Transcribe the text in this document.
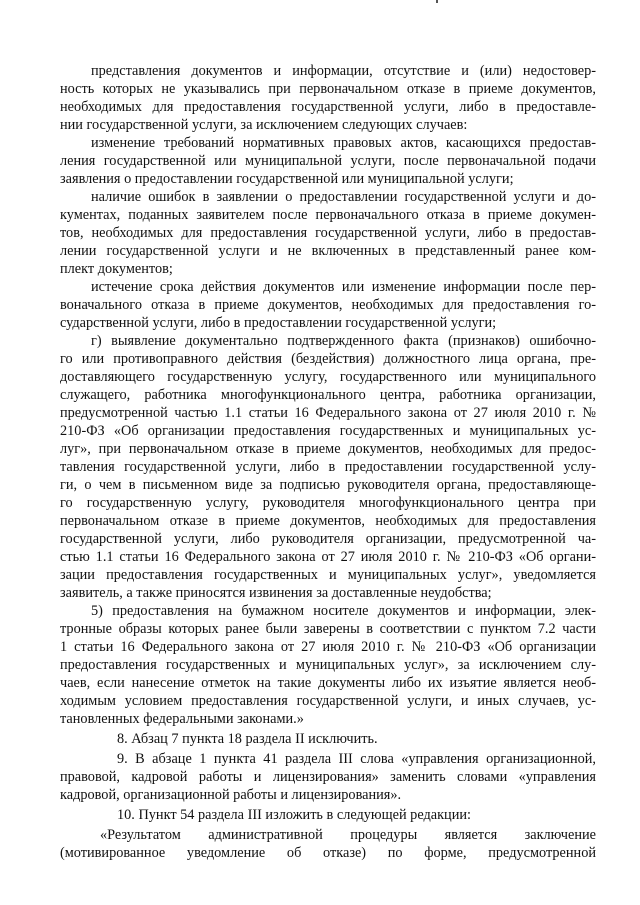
представления документов и информации, отсутствие и (или) недостовер-
ность которых не указывались при первоначальном отказе в приеме документов,
необходимых для предоставления государственной услуги, либо в предоставле-
нии государственной услуги, за исключением следующих случаев:
изменение требований нормативных правовых актов, касающихся предостав-
ления государственной или муниципальной услуги, после первоначальной подачи
заявления о предоставлении государственной или муниципальной услуги;
наличие ошибок в заявлении о предоставлении государственной услуги и до-
кументах, поданных заявителем после первоначального отказа в приеме докумен-
тов, необходимых для предоставления государственной услуги, либо в предостав-
лении государственной услуги и не включенных в представленный ранее ком-
плект документов;
истечение срока действия документов или изменение информации после пер-
воначального отказа в приеме документов, необходимых для предоставления го-
сударственной услуги, либо в предоставлении государственной услуги;
г) выявление документально подтвержденного факта (признаков) ошибочно-
го или противоправного действия (бездействия) должностного лица органа, пре-
доставляющего государственную услугу, государственного или муниципального
служащего, работника многофункционального центра, работника организации,
предусмотренной частью 1.1 статьи 16 Федерального закона от 27 июля 2010 г. №
210-ФЗ «Об организации предоставления государственных и муниципальных ус-
луг», при первоначальном отказе в приеме документов, необходимых для предос-
тавления государственной услуги, либо в предоставлении государственной услу-
ги, о чем в письменном виде за подписью руководителя органа, предоставляюще-
го государственную услугу, руководителя многофункционального центра при
первоначальном отказе в приеме документов, необходимых для предоставления
государственной услуги, либо руководителя организации, предусмотренной ча-
стью 1.1 статьи 16 Федерального закона от 27 июля 2010 г. № 210-ФЗ «Об органи-
зации предоставления государственных и муниципальных услуг», уведомляется
заявитель, а также приносятся извинения за доставленные неудобства;
5) предоставления на бумажном носителе документов и информации, элек-
тронные образы которых ранее были заверены в соответствии с пунктом 7.2 части
1 статьи 16 Федерального закона от 27 июля 2010 г. № 210-ФЗ «Об организации
предоставления государственных и муниципальных услуг», за исключением слу-
чаев, если нанесение отметок на такие документы либо их изъятие является необ-
ходимым условием предоставления государственной услуги, и иных случаев, ус-
тановленных федеральными законами.»
8. Абзац 7 пункта 18 раздела II исключить.
9. В абзаце 1 пункта 41 раздела III слова «управления организационной,
правовой, кадровой работы и лицензирования» заменить словами «управления
кадровой, организационной работы и лицензирования».
10. Пункт 54 раздела III изложить в следующей редакции:
«Результатом административной процедуры является заключение
(мотивированное уведомление об отказе) по форме, предусмотренной
